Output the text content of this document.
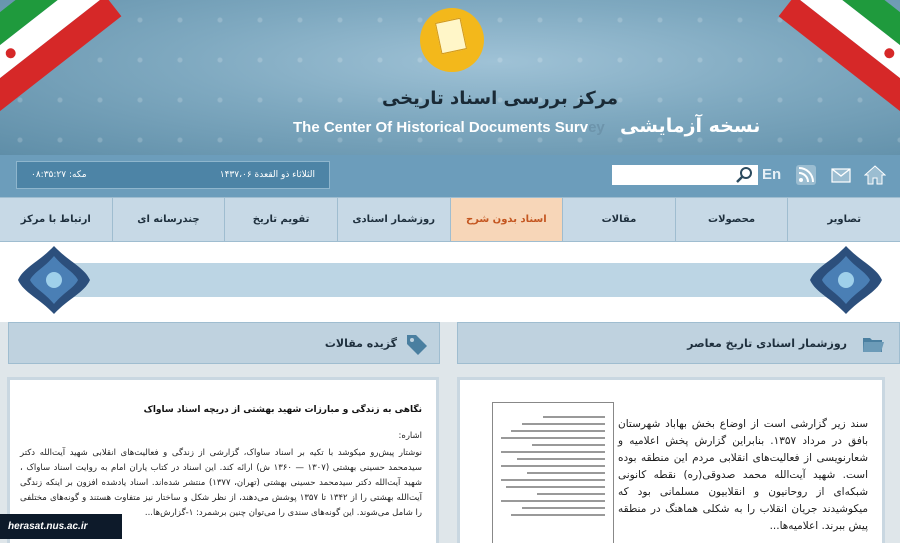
مرکز بررسی اسناد تاریخی
The Center Of Historical Documents Survey نسخه آزمایشی
الثلاثاء ذو القعدة ۱۴۳۷،۰۶
مکه: ۰۸:۳۵:۲۷	En
تصاویر
محصولات
مقالات
اسناد بدون شرح
روزشمار اسنادی
تقویم تاریخ
چندرسانه ای
ارتباط با مرکز
روزشمار اسنادی تاریخ معاصر
گزیده مقالات
سند زیر گزارشی است از اوضاع بخش بهاباد شهرستان بافق در مرداد ۱۳۵۷. بنابراین گزارش پخش اعلامیه و شعارنویسی از فعالیت‌های انقلابی مردم این منطقه بوده است. شهید آیت‌الله محمد صدوقی(ره) نقطه کانونی شبکه‌ای از روحانیون و انقلابیون مسلمانی بود که میکوشیدند جریان انقلاب را به شکلی هماهنگ در منطقه پیش ببرند. اعلامیه‌ها...
نگاهی به زندگی و مبارزات شهید بهشتی از دریچه اسناد ساواک
اشاره:
نوشتار پیش‌رو میکوشد با تکیه بر اسناد ساواک، گزارشی از زندگی و فعالیت‌های انقلابی شهید آیت‌الله دکتر سیدمحمد حسینی بهشتی (۱۳۰۷ — ۱۳۶۰ ش) ارائه کند. این اسناد در کتاب یاران امام به روایت اسناد ساواک ، شهید آیت‌الله دکتر سیدمحمد حسینی بهشتی (تهران، ۱۳۷۷) منتشر شده‌اند. اسناد یادشده افزون بر اینکه زندگی آیت‌الله بهشتی را از ۱۳۴۲ تا ۱۳۵۷ پوشش می‌دهند، از نظر شکل و ساختار نیز متفاوت هستند و گونه‌های مختلفی را شامل می‌شوند. این گونه‌های سندی را می‌توان چنین برشمرد: ۱-گزارش‌ها...
herasat.nus.ac.ir
